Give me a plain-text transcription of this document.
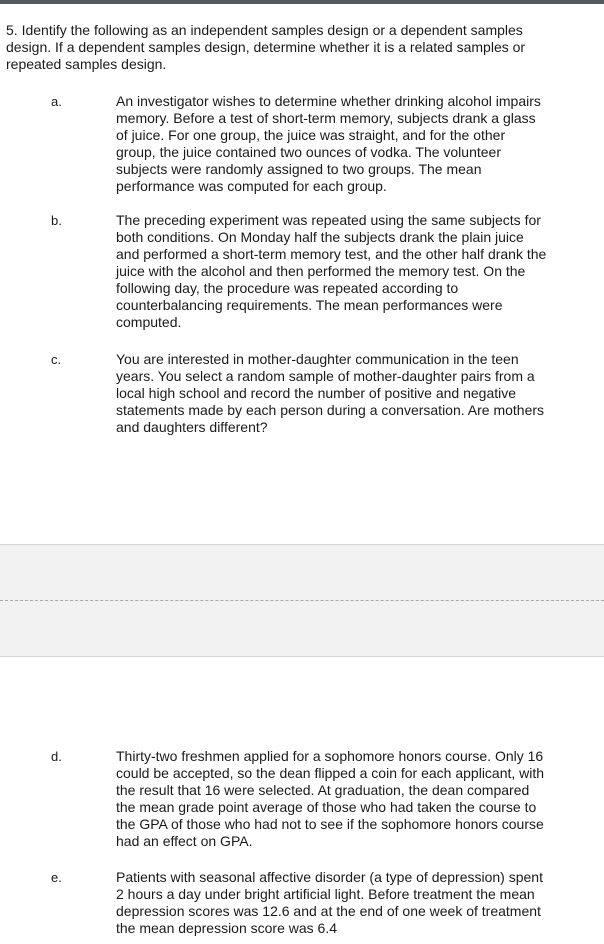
5. Identify the following as an independent samples design or a dependent samples design. If a dependent samples design, determine whether it is a related samples or repeated samples design.
a.	An investigator wishes to determine whether drinking alcohol impairs memory. Before a test of short-term memory, subjects drank a glass of juice. For one group, the juice was straight, and for the other group, the juice contained two ounces of vodka. The volunteer subjects were randomly assigned to two groups. The mean performance was computed for each group.
b.	The preceding experiment was repeated using the same subjects for both conditions. On Monday half the subjects drank the plain juice and performed a short-term memory test, and the other half drank the juice with the alcohol and then performed the memory test. On the following day, the procedure was repeated according to counterbalancing requirements. The mean performances were computed.
c.	You are interested in mother-daughter communication in the teen years. You select a random sample of mother-daughter pairs from a local high school and record the number of positive and negative statements made by each person during a conversation. Are mothers and daughters different?
d.	Thirty-two freshmen applied for a sophomore honors course. Only 16 could be accepted, so the dean flipped a coin for each applicant, with the result that 16 were selected. At graduation, the dean compared the mean grade point average of those who had taken the course to the GPA of those who had not to see if the sophomore honors course had an effect on GPA.
e.	Patients with seasonal affective disorder (a type of depression) spent 2 hours a day under bright artificial light. Before treatment the mean depression scores was 12.6 and at the end of one week of treatment the mean depression score was 6.4
